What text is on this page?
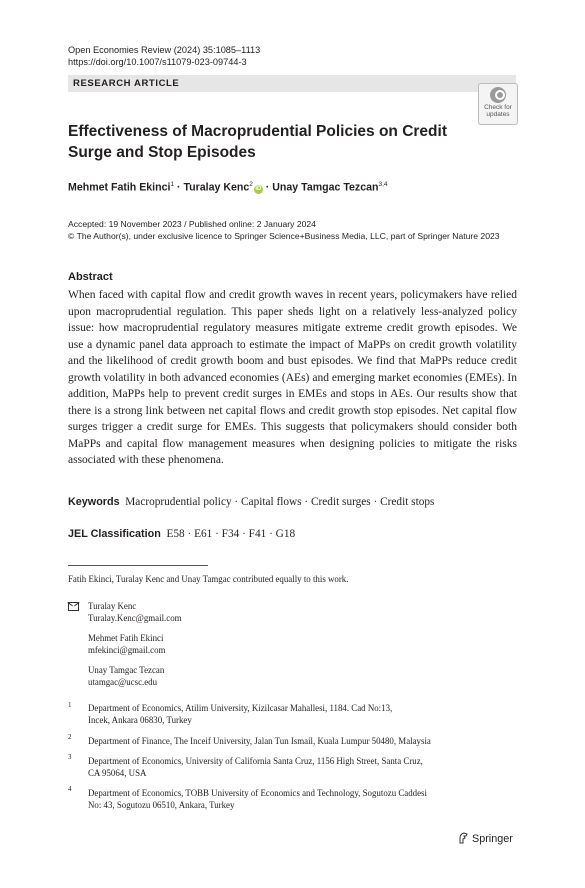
Open Economies Review (2024) 35:1085–1113
https://doi.org/10.1007/s11079-023-09744-3
RESEARCH ARTICLE
Check for
updates
Effectiveness of Macroprudential Policies on Credit Surge and Stop Episodes
Mehmet Fatih Ekinci$^1$ · Turalay Kenc$^2$iD · Unay Tamgac Tezcan$^{3,4}$
Accepted: 19 November 2023 / Published online: 2 January 2024
© The Author(s), under exclusive licence to Springer Science+Business Media, LLC, part of Springer Nature 2023
Abstract
When faced with capital flow and credit growth waves in recent years, policymakers have relied upon macroprudential regulation. This paper sheds light on a relatively less-analyzed policy issue: how macroprudential regulatory measures mitigate extreme credit growth episodes. We use a dynamic panel data approach to estimate the impact of MaPPs on credit growth volatility and the likelihood of credit growth boom and bust episodes. We find that MaPPs reduce credit growth volatility in both advanced economies (AEs) and emerging market economies (EMEs). In addition, MaPPs help to prevent credit surges in EMEs and stops in AEs. Our results show that there is a strong link between net capital flows and credit growth stop episodes. Net capital flow surges trigger a credit surge for EMEs. This suggests that policymakers should consider both MaPPs and capital flow management measures when designing policies to mitigate the risks associated with these phenomena.
Keywords Macroprudential policy · Capital flows · Credit surges · Credit stops
JEL Classification E58 · E61 · F34 · F41 · G18
Fatih Ekinci, Turalay Kenc and Unay Tamgac contributed equally to this work.
Turalay Kenc
Turalay.Kenc@gmail.com
Mehmet Fatih Ekinci
mfekinci@gmail.com
Unay Tamgac Tezcan
utamgac@ucsc.edu
1 Department of Economics, Atilim University, Kizilcasar Mahallesi, 1184. Cad No:13,
Incek, Ankara 06830, Turkey
2 Department of Finance, The Inceif University, Jalan Tun Ismail, Kuala Lumpur 50480, Malaysia
3 Department of Economics, University of California Santa Cruz, 1156 High Street, Santa Cruz,
CA 95064, USA
4 Department of Economics, TOBB University of Economics and Technology, Sogutozu Caddesi
No: 43, Sogutozu 06510, Ankara, Turkey
Springer
